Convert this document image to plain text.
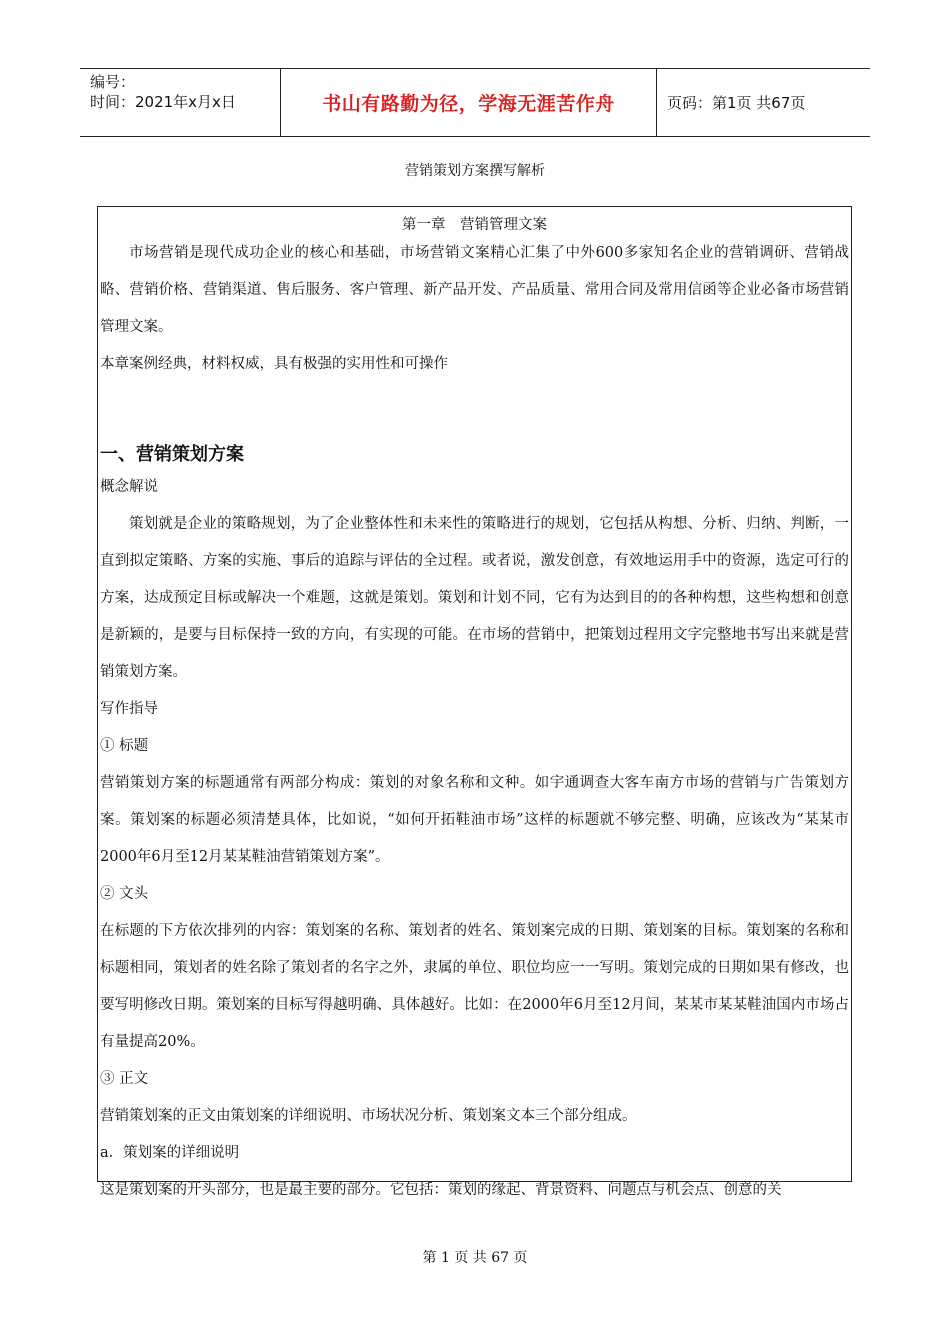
编号：
时间：2021年x月x日	书山有路勤为径，学海无涯苦作舟	页码：第1页 共67页
营销策划方案撰写解析
第一章　营销管理文案

市场营销是现代成功企业的核心和基础，市场营销文案精心汇集了中外600多家知名企业的营销调研、营销战略、营销价格、营销渠道、售后服务、客户管理、新产品开发、产品质量、常用合同及常用信函等企业必备市场营销管理文案。

本章案例经典，材料权威，具有极强的实用性和可操作

一、营销策划方案

概念解说

策划就是企业的策略规划，为了企业整体性和未来性的策略进行的规划，它包括从构想、分析、归纳、判断，一直到拟定策略、方案的实施、事后的追踪与评估的全过程。或者说，激发创意，有效地运用手中的资源，选定可行的方案，达成预定目标或解决一个难题，这就是策划。策划和计划不同，它有为达到目的的各种构想，这些构想和创意是新颖的，是要与目标保持一致的方向，有实现的可能。在市场的营销中，把策划过程用文字完整地书写出来就是营销策划方案。

写作指导

① 标题

营销策划方案的标题通常有两部分构成：策划的对象名称和文种。如宇通调查大客车南方市场的营销与广告策划方案。策划案的标题必须清楚具体，比如说，“如何开拓鞋油市场”这样的标题就不够完整、明确，应该改为“某某市2000年6月至12月某某鞋油营销策划方案”。

② 文头

在标题的下方依次排列的内容：策划案的名称、策划者的姓名、策划案完成的日期、策划案的目标。策划案的名称和标题相同，策划者的姓名除了策划者的名字之外，隶属的单位、职位均应一一写明。策划完成的日期如果有修改，也要写明修改日期。策划案的目标写得越明确、具体越好。比如：在2000年6月至12月间，某某市某某鞋油国内市场占有量提高20%。

③ 正文

营销策划案的正文由策划案的详细说明、市场状况分析、策划案文本三个部分组成。

a．策划案的详细说明

这是策划案的开头部分，也是最主要的部分。它包括：策划的缘起、背景资料、问题点与机会点、创意的关

第 1 页 共 67 页
